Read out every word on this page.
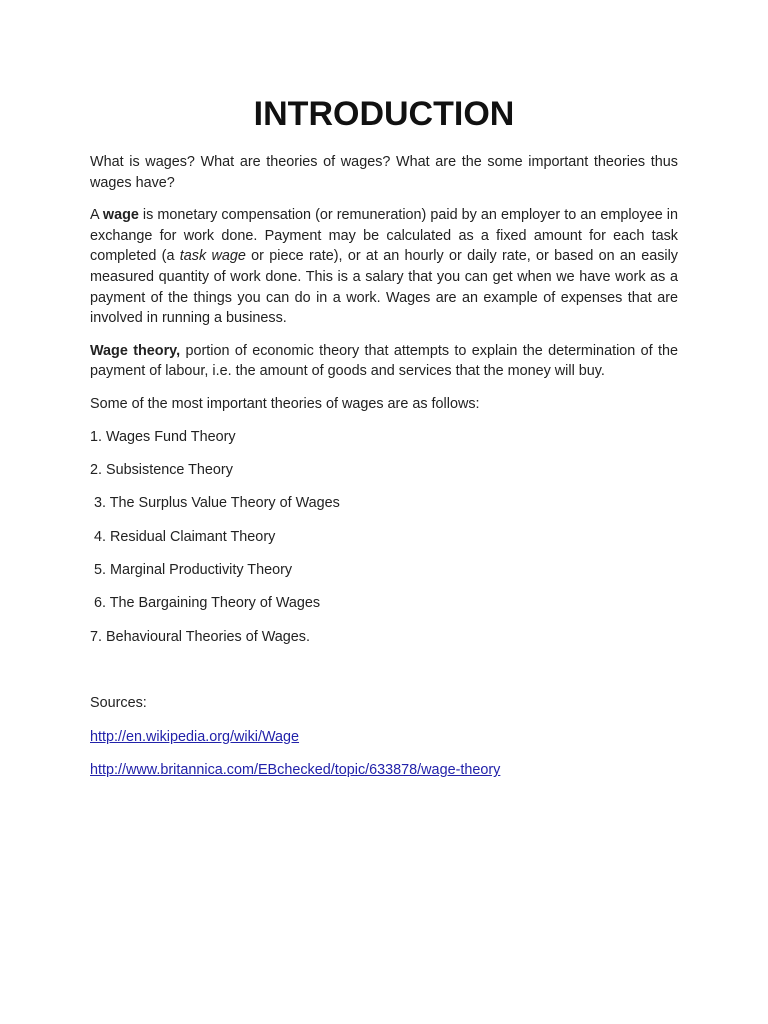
INTRODUCTION

What is wages? What are theories of wages? What are the some important theories thus wages have?

A wage is monetary compensation (or remuneration) paid by an employer to an employee in exchange for work done. Payment may be calculated as a fixed amount for each task completed (a task wage or piece rate), or at an hourly or daily rate, or based on an easily measured quantity of work done. This is a salary that you can get when we have work as a payment of the things you can do in a work. Wages are an example of expenses that are involved in running a business.

Wage theory, portion of economic theory that attempts to explain the determination of the payment of labour, i.e. the amount of goods and services that the money will buy.

Some of the most important theories of wages are as follows:

1. Wages Fund Theory

2. Subsistence Theory

3. The Surplus Value Theory of Wages

4. Residual Claimant Theory

5. Marginal Productivity Theory

6. The Bargaining Theory of Wages

7. Behavioural Theories of Wages.

Sources:

http://en.wikipedia.org/wiki/Wage

http://www.britannica.com/EBchecked/topic/633878/wage-theory
